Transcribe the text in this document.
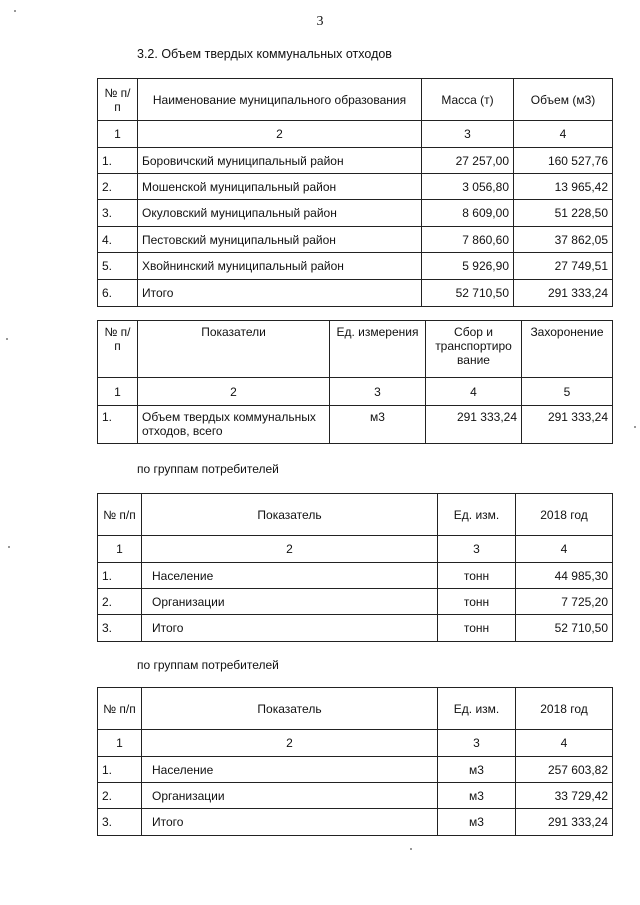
3
3.2. Объем твердых коммунальных отходов
№ п/п	Наименование муниципального образования	Масса (т)	Объем (м3)
1	2	3	4
1.	Боровичский муниципальный район	27 257,00	160 527,76
2.	Мошенской муниципальный район	3 056,80	13 965,42
3.	Окуловский муниципальный район	8 609,00	51 228,50
4.	Пестовский муниципальный район	7 860,60	37 862,05
5.	Хвойнинский муниципальный район	5 926,90	27 749,51
6.	Итого	52 710,50	291 333,24
№ п/п	Показатели	Ед. измерения	Сбор и транспортиро вание	Захоронение
1	2	3	4	5
1.	Объем твердых коммунальных отходов, всего	м3	291 333,24	291 333,24
по группам потребителей
№ п/п	Показатель	Ед. изм.	2018 год
1	2	3	4
1.	Население	тонн	44 985,30
2.	Организации	тонн	7 725,20
3.	Итого	тонн	52 710,50
по группам потребителей
№ п/п	Показатель	Ед. изм.	2018 год
1	2	3	4
1.	Население	м3	257 603,82
2.	Организации	м3	33 729,42
3.	Итого	м3	291 333,24
